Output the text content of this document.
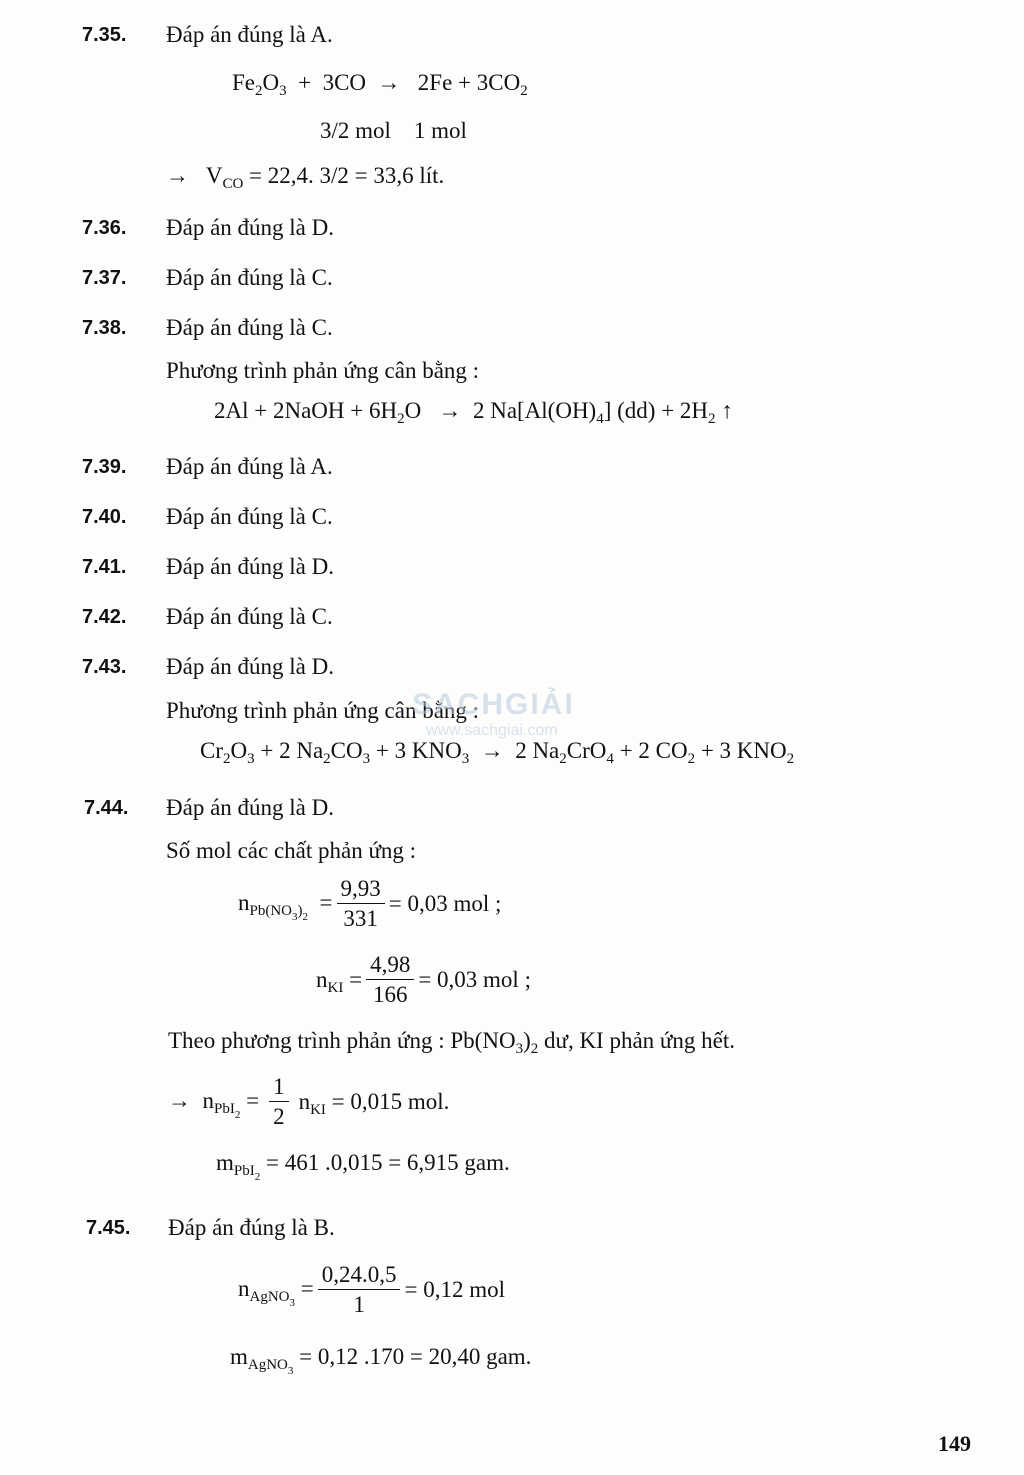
7.35. Đáp án đúng là A.
$Fe_2O_3 + 3CO \to 2Fe + 3CO_2$
3/2 mol    1 mol
→   $V_{CO} = 22,4$. 3/2 = 33,6 lít.
7.36. Đáp án đúng là D.
7.37. Đáp án đúng là C.
7.38. Đáp án đúng là C.
Phương trình phản ứng cân bằng :
2Al + 2NaOH + $6H_2O \to 2$ $Na[Al(OH)_4] (dd) + 2H_2$ ↑
7.39. Đáp án đúng là A.
7.40. Đáp án đúng là C.
7.41. Đáp án đúng là D.
7.42. Đáp án đúng là C.
7.43. Đáp án đúng là D.
Phương trình phản ứng cân bằng :
$Cr_2O_3 + 2$ $Na_2CO_3 + 3$ $KNO_3 \to 2$ $Na_2CrO_4 + 2$ $CO_2 + 3$ $KNO_2$
SACHGIẢI
www.sachgiai.com
7.44. Đáp án đúng là D.
Số mol các chất phản ứng :
$n_{Pb(NO_3)_2} = \frac{9,93}{331} = 0,03$ mol ;
$n_{KI} = \frac{4,98}{166} = 0,03$ mol ;
Theo phương trình phản ứng : $Pb(NO_3)_2$ dư, KI phản ứng hết.
→  $n_{PbI_2} = \frac{1}{2} n_{KI} = 0,015$ mol.
$m_{PbI_2} = 461$ .0,015 = 6,915 gam.
7.45. Đáp án đúng là B.
$n_{AgNO_3} = \frac{0,24.0,5}{1} = 0,12$ mol
$m_{AgNO_3} = 0,12$ .170 = 20,40 gam.
149
